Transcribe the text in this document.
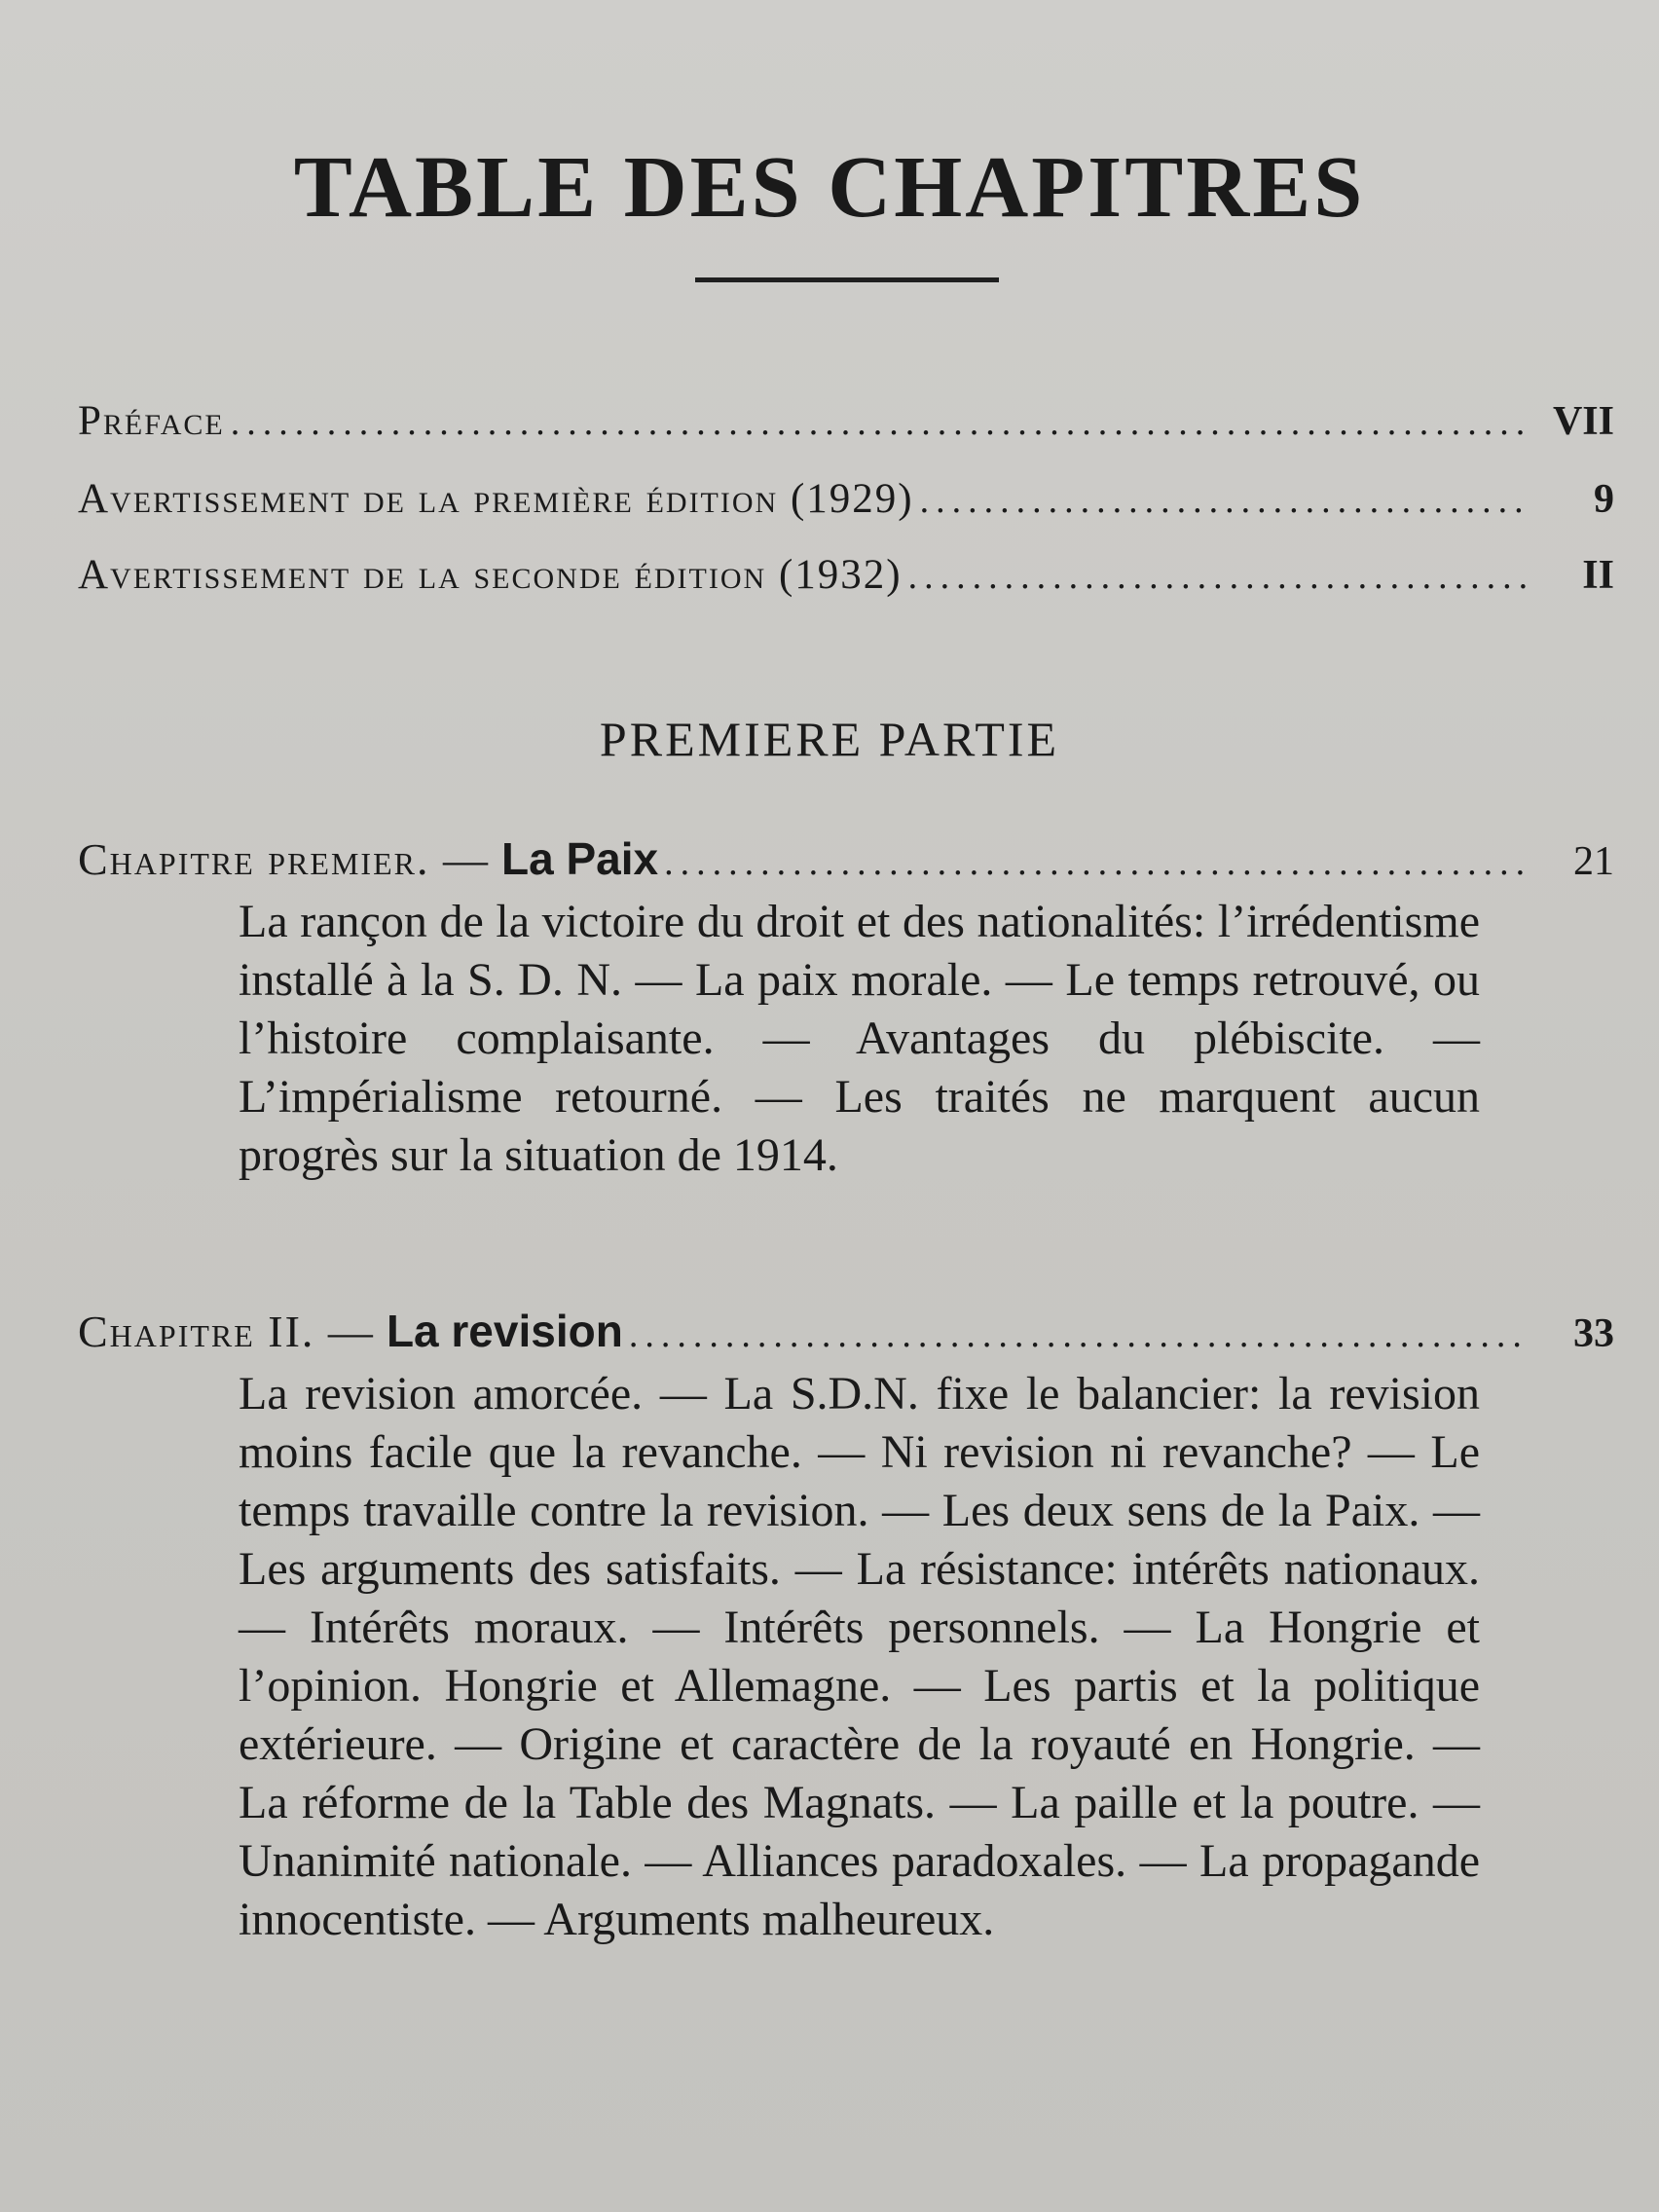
TABLE DES CHAPITRES
Préface .....	VII
Avertissement de la première édition (1929) .....	9
Avertissement de la seconde édition (1932) .....	II
PREMIERE PARTIE
Chapitre premier. — La Paix .....	21
La rançon de la victoire du droit et des nationalités: l’irrédentisme installé à la S. D. N. — La paix morale. — Le temps retrouvé, ou l’histoire complaisante. — Avantages du plébiscite. — L’impérialisme retourné. — Les traités ne marquent aucun progrès sur la situation de 1914.
Chapitre II. — La revision .....	33
La revision amorcée. — La S.D.N. fixe le balancier: la revision moins facile que la revanche. — Ni revision ni revanche? — Le temps travaille contre la revision. — Les deux sens de la Paix. — Les arguments des satisfaits. — La résistance: intérêts nationaux. — Intérêts moraux. — Intérêts personnels. — La Hongrie et l’opinion. Hongrie et Allemagne. — Les partis et la politique extérieure. — Origine et caractère de la royauté en Hongrie. — La réforme de la Table des Magnats. — La paille et la poutre. — Unanimité nationale. — Alliances paradoxales. — La propagande innocentiste. — Arguments malheureux.
